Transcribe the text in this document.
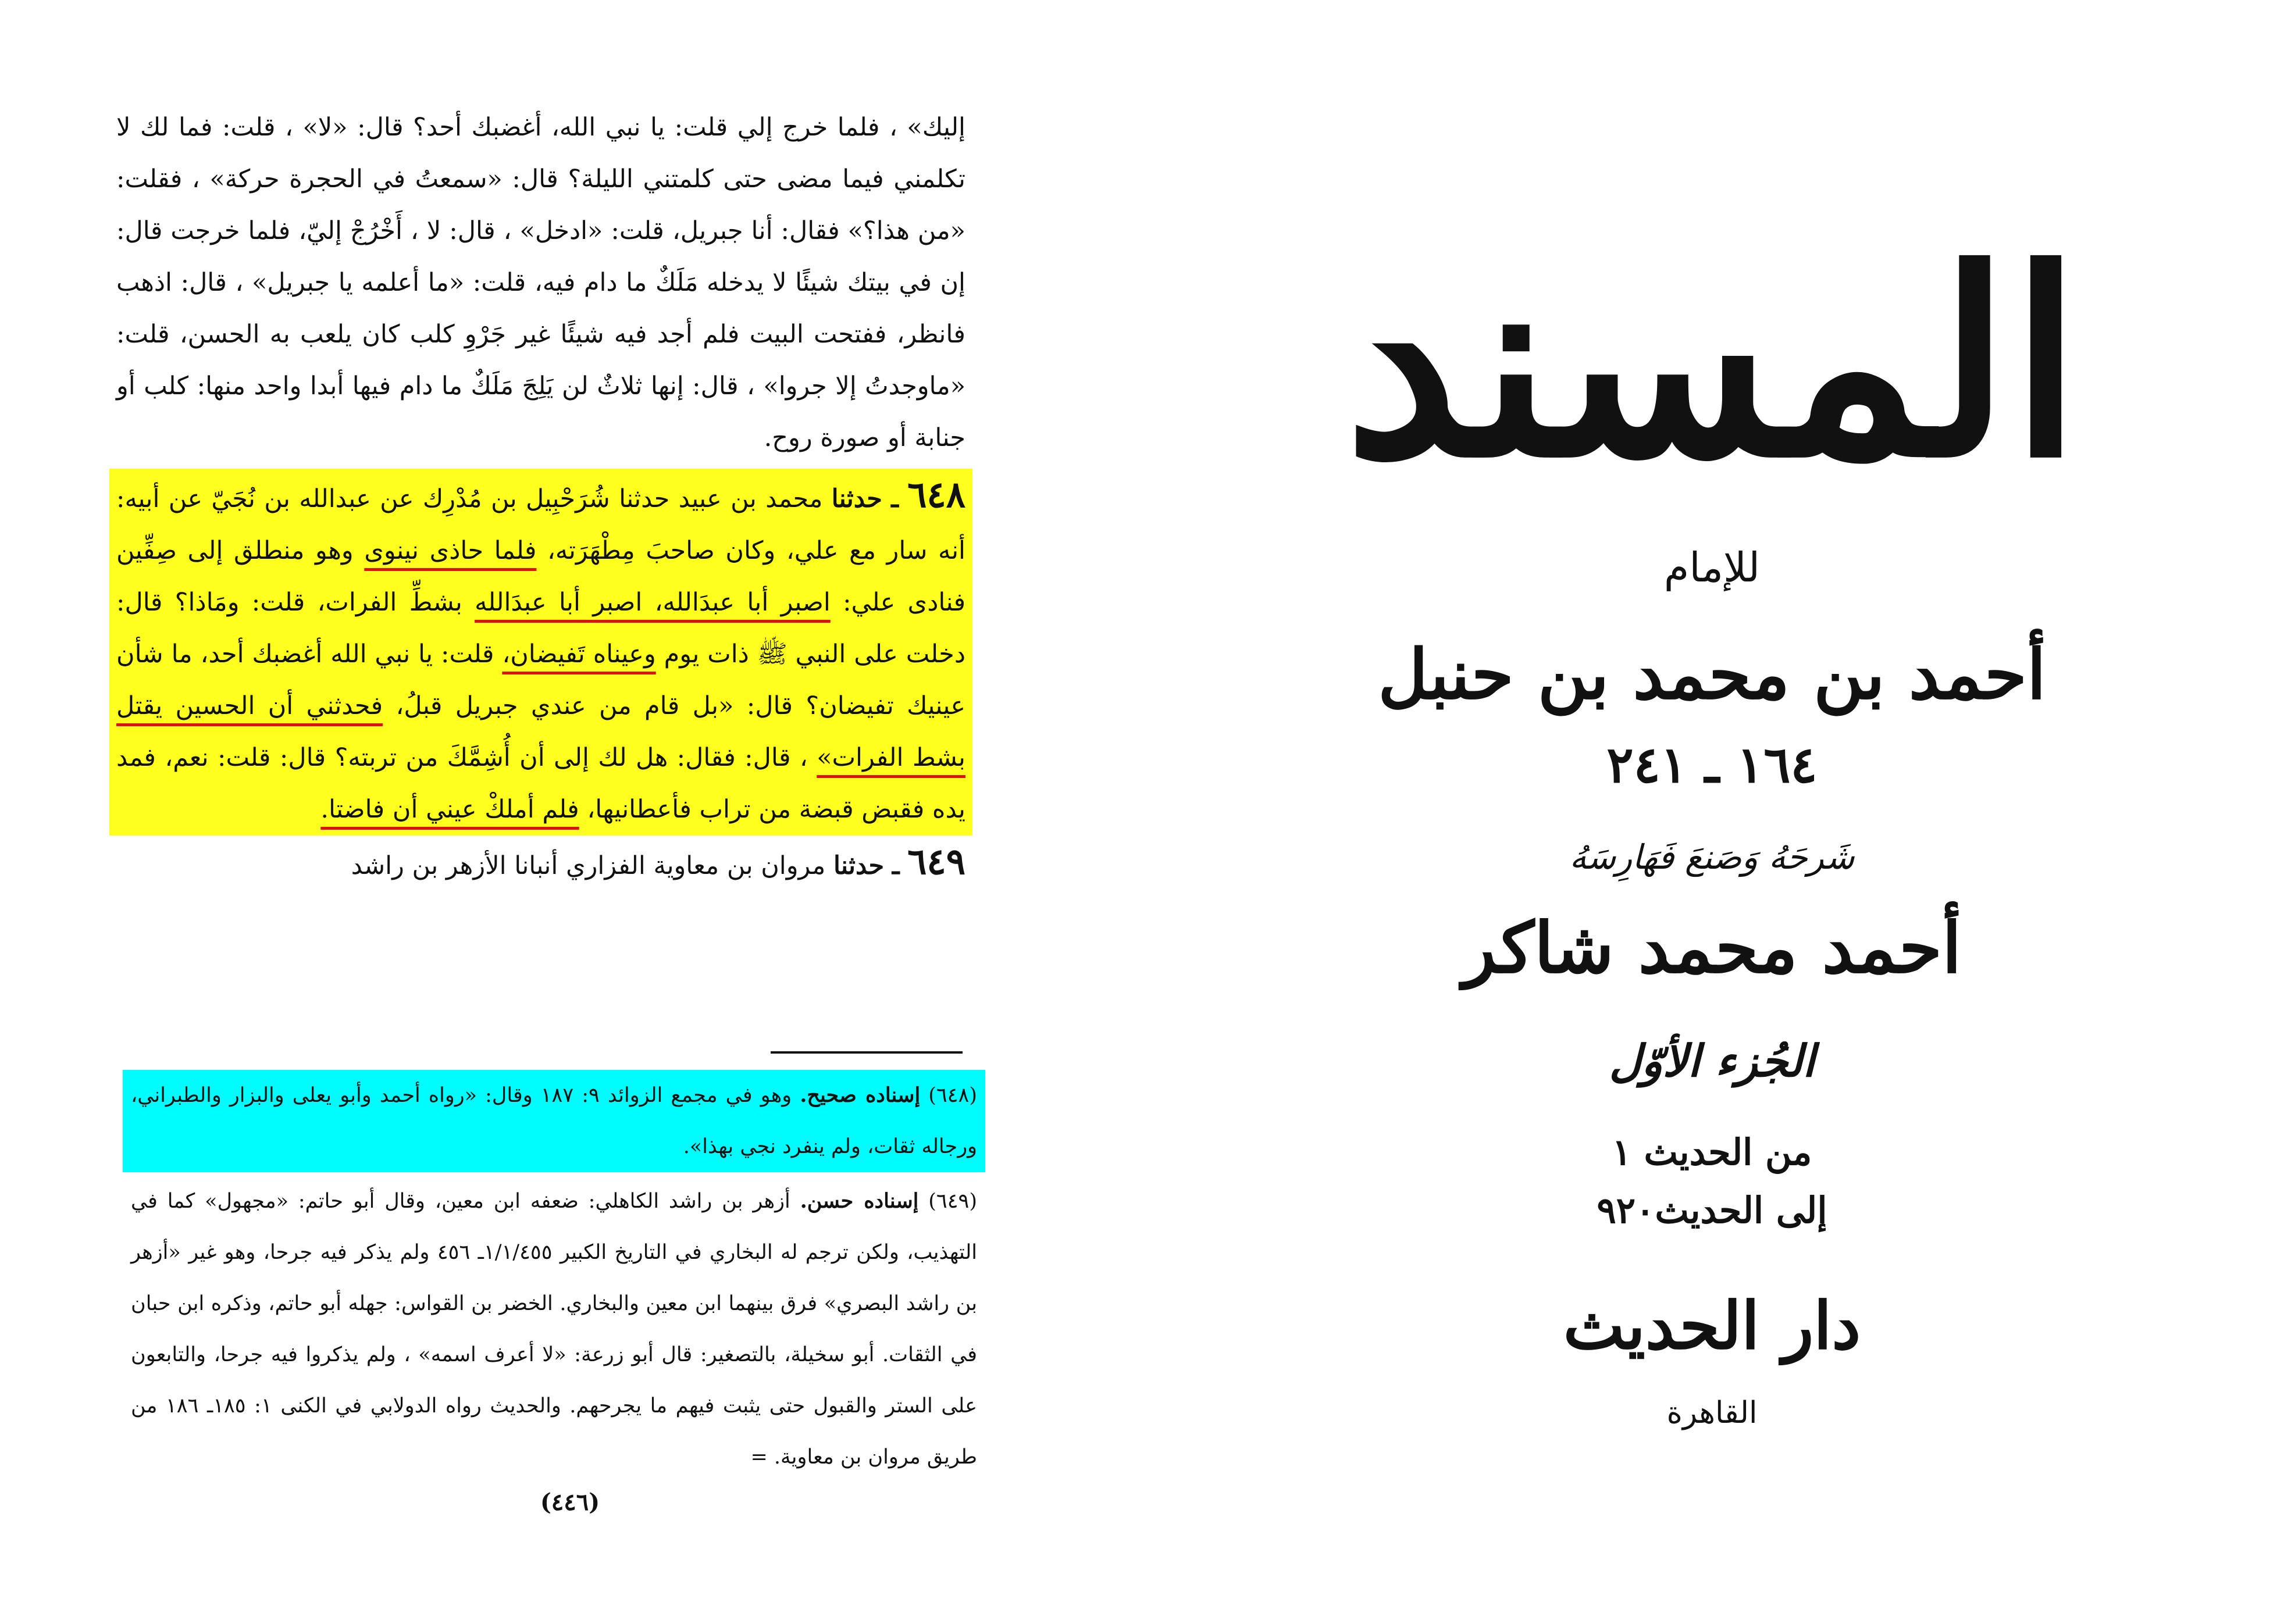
إليك» ، فلما خرج إلي قلت: يا نبي الله، أغضبك أحد؟ قال: «لا» ، قلت: فما لك لا تكلمني فيما مضى حتى كلمتني الليلة؟ قال: «سمعتُ في الحجرة حركة» ، فقلت: «من هذا؟» فقال: أنا جبريل، قلت: «ادخل» ، قال: لا ، أَخْرُجْ إليّ، فلما خرجت قال: إن في بيتك شيئًا لا يدخله مَلَكٌ ما دام فيه، قلت: «ما أعلمه يا جبريل» ، قال: اذهب فانظر، ففتحت البيت فلم أجد فيه شيئًا غير جَرْوِ كلب كان يلعب به الحسن، قلت: «ماوجدتُ إلا جروا» ، قال: إنها ثلاثٌ لن يَلِجَ مَلَكٌ ما دام فيها أبدا واحد منها: كلب أو جنابة أو صورة روح.

٦٤٨ ـ حدثنا محمد بن عبيد حدثنا شُرَحْبِيل بن مُدْرِك عن عبدالله بن نُجَيّ عن أبيه: أنه سار مع علي، وكان صاحبَ مِطْهَرَته، فلما حاذى نينوى وهو منطلق إلى صِفِّين فنادى علي: اصبر أبا عبدَالله، اصبر أبا عبدَالله بشطِّ الفرات، قلت: ومَاذا؟ قال: دخلت على النبي ﷺ ذات يوم وعيناه تَفيضان، قلت: يا نبي الله أغضبك أحد، ما شأن عينيك تفيضان؟ قال: «بل قام من عندي جبريل قبلُ، فحدثني أن الحسين يقتل بشط الفرات» ، قال: فقال: هل لك إلى أن أُشِمَّكَ من تربته؟ قال: قلت: نعم، فمد يده فقبض قبضة من تراب فأعطانيها، فلم أملكْ عيني أن فاضتا.

٦٤٩ ـ حدثنا مروان بن معاوية الفزاري أنبانا الأزهر بن راشد

(٦٤٨) إسناده صحيح. وهو في مجمع الزوائد ٩: ١٨٧ وقال: «رواه أحمد وأبو يعلى والبزار والطبراني، ورجاله ثقات، ولم ينفرد نجي بهذا».

(٦٤٩) إسناده حسن. أزهر بن راشد الكاهلي: ضعفه ابن معين، وقال أبو حاتم: «مجهول» كما في التهذيب، ولكن ترجم له البخاري في التاريخ الكبير ١/١/٤٥٥ـ ٤٥٦ ولم يذكر فيه جرحا، وهو غير «أزهر بن راشد البصري» فرق بينهما ابن معين والبخاري. الخضر بن القواس: جهله أبو حاتم، وذكره ابن حبان في الثقات. أبو سخيلة، بالتصغير: قال أبو زرعة: «لا أعرف اسمه» ، ولم يذكروا فيه جرحا، والتابعون على الستر والقبول حتى يثبت فيهم ما يجرحهم. والحديث رواه الدولابي في الكنى ١: ١٨٥ـ ١٨٦ من طريق مروان بن معاوية. =

(٤٤٦)
المسند
للإمام
أحمد بن محمد بن حنبل
١٦٤ ـ ٢٤١
شَرحَهُ وَصَنعَ فَهَارِسَهُ
أحمد محمد شاكر
الجُزء الأوّل
من الحديث ١
إلى الحديث٩٢٠
دار الحديث
القاهرة
